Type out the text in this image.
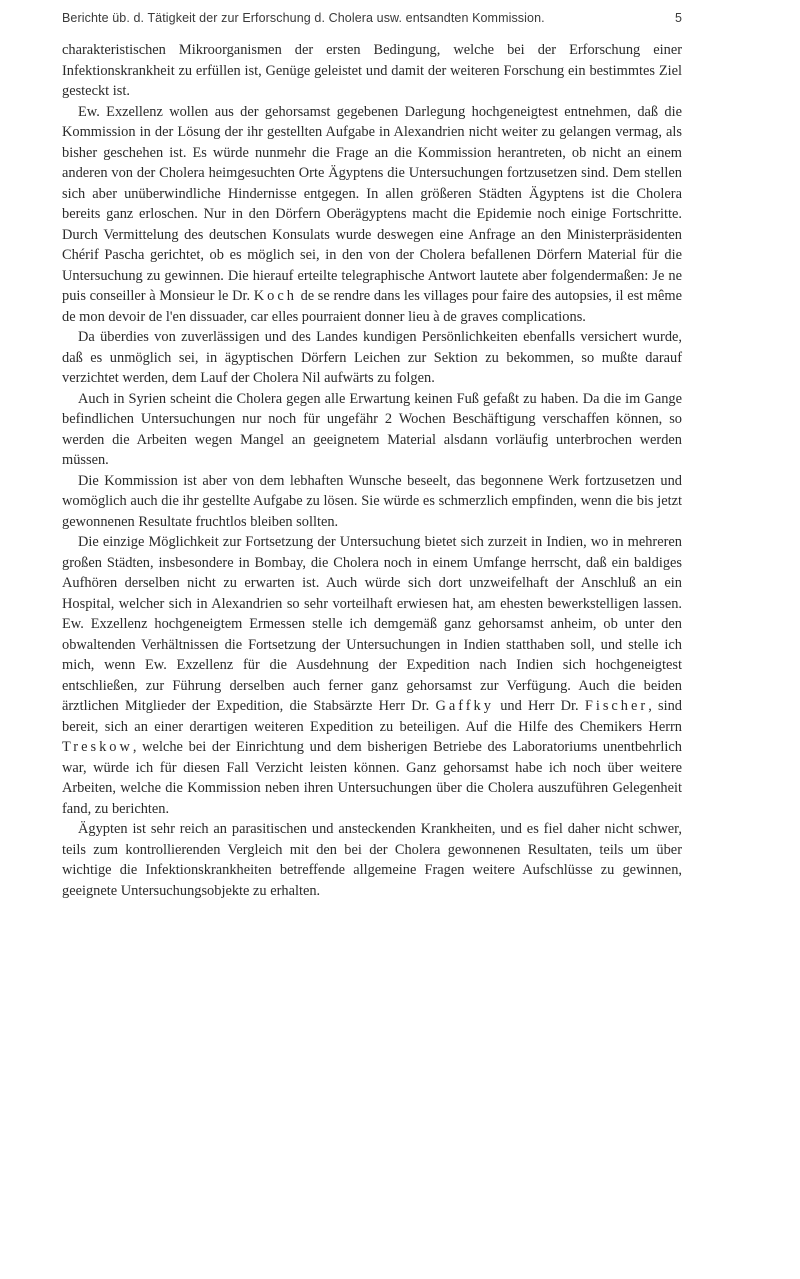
Berichte üb. d. Tätigkeit der zur Erforschung d. Cholera usw. entsandten Kommission.	5

charakteristischen Mikroorganismen der ersten Bedingung, welche bei der Erforschung einer Infektionskrankheit zu erfüllen ist, Genüge geleistet und damit der weiteren Forschung ein bestimmtes Ziel gesteckt ist.

Ew. Exzellenz wollen aus der gehorsamst gegebenen Darlegung hochgeneigtest entnehmen, daß die Kommission in der Lösung der ihr gestellten Aufgabe in Alexandrien nicht weiter zu gelangen vermag, als bisher geschehen ist. Es würde nunmehr die Frage an die Kommission herantreten, ob nicht an einem anderen von der Cholera heimgesuchten Orte Ägyptens die Untersuchungen fortzusetzen sind. Dem stellen sich aber unüberwindliche Hindernisse entgegen. In allen größeren Städten Ägyptens ist die Cholera bereits ganz erloschen. Nur in den Dörfern Oberägyptens macht die Epidemie noch einige Fortschritte. Durch Vermittelung des deutschen Konsulats wurde deswegen eine Anfrage an den Ministerpräsidenten Chérif Pascha gerichtet, ob es möglich sei, in den von der Cholera befallenen Dörfern Material für die Untersuchung zu gewinnen. Die hierauf erteilte telegraphische Antwort lautete aber folgendermaßen: Je ne puis conseiller à Monsieur le Dr. Koch de se rendre dans les villages pour faire des autopsies, il est même de mon devoir de l'en dissuader, car elles pourraient donner lieu à de graves complications.

Da überdies von zuverlässigen und des Landes kundigen Persönlichkeiten ebenfalls versichert wurde, daß es unmöglich sei, in ägyptischen Dörfern Leichen zur Sektion zu bekommen, so mußte darauf verzichtet werden, dem Lauf der Cholera Nil aufwärts zu folgen.

Auch in Syrien scheint die Cholera gegen alle Erwartung keinen Fuß gefaßt zu haben. Da die im Gange befindlichen Untersuchungen nur noch für ungefähr 2 Wochen Beschäftigung verschaffen können, so werden die Arbeiten wegen Mangel an geeignetem Material alsdann vorläufig unterbrochen werden müssen.

Die Kommission ist aber von dem lebhaften Wunsche beseelt, das begonnene Werk fortzusetzen und womöglich auch die ihr gestellte Aufgabe zu lösen. Sie würde es schmerzlich empfinden, wenn die bis jetzt gewonnenen Resultate fruchtlos bleiben sollten.

Die einzige Möglichkeit zur Fortsetzung der Untersuchung bietet sich zurzeit in Indien, wo in mehreren großen Städten, insbesondere in Bombay, die Cholera noch in einem Umfange herrscht, daß ein baldiges Aufhören derselben nicht zu erwarten ist. Auch würde sich dort unzweifelhaft der Anschluß an ein Hospital, welcher sich in Alexandrien so sehr vorteilhaft erwiesen hat, am ehesten bewerkstelligen lassen. Ew. Exzellenz hochgeneigtem Ermessen stelle ich demgemäß ganz gehorsamst anheim, ob unter den obwaltenden Verhältnissen die Fortsetzung der Untersuchungen in Indien statthaben soll, und stelle ich mich, wenn Ew. Exzellenz für die Ausdehnung der Expedition nach Indien sich hochgeneigtest entschließen, zur Führung derselben auch ferner ganz gehorsamst zur Verfügung. Auch die beiden ärztlichen Mitglieder der Expedition, die Stabsärzte Herr Dr. Gaffky und Herr Dr. Fischer, sind bereit, sich an einer derartigen weiteren Expedition zu beteiligen. Auf die Hilfe des Chemikers Herrn Treskow, welche bei der Einrichtung und dem bisherigen Betriebe des Laboratoriums unentbehrlich war, würde ich für diesen Fall Verzicht leisten können. Ganz gehorsamst habe ich noch über weitere Arbeiten, welche die Kommission neben ihren Untersuchungen über die Cholera auszuführen Gelegenheit fand, zu berichten.

Ägypten ist sehr reich an parasitischen und ansteckenden Krankheiten, und es fiel daher nicht schwer, teils zum kontrollierenden Vergleich mit den bei der Cholera gewonnenen Resultaten, teils um über wichtige die Infektionskrankheiten betreffende allgemeine Fragen weitere Aufschlüsse zu gewinnen, geeignete Untersuchungsobjekte zu erhalten.
